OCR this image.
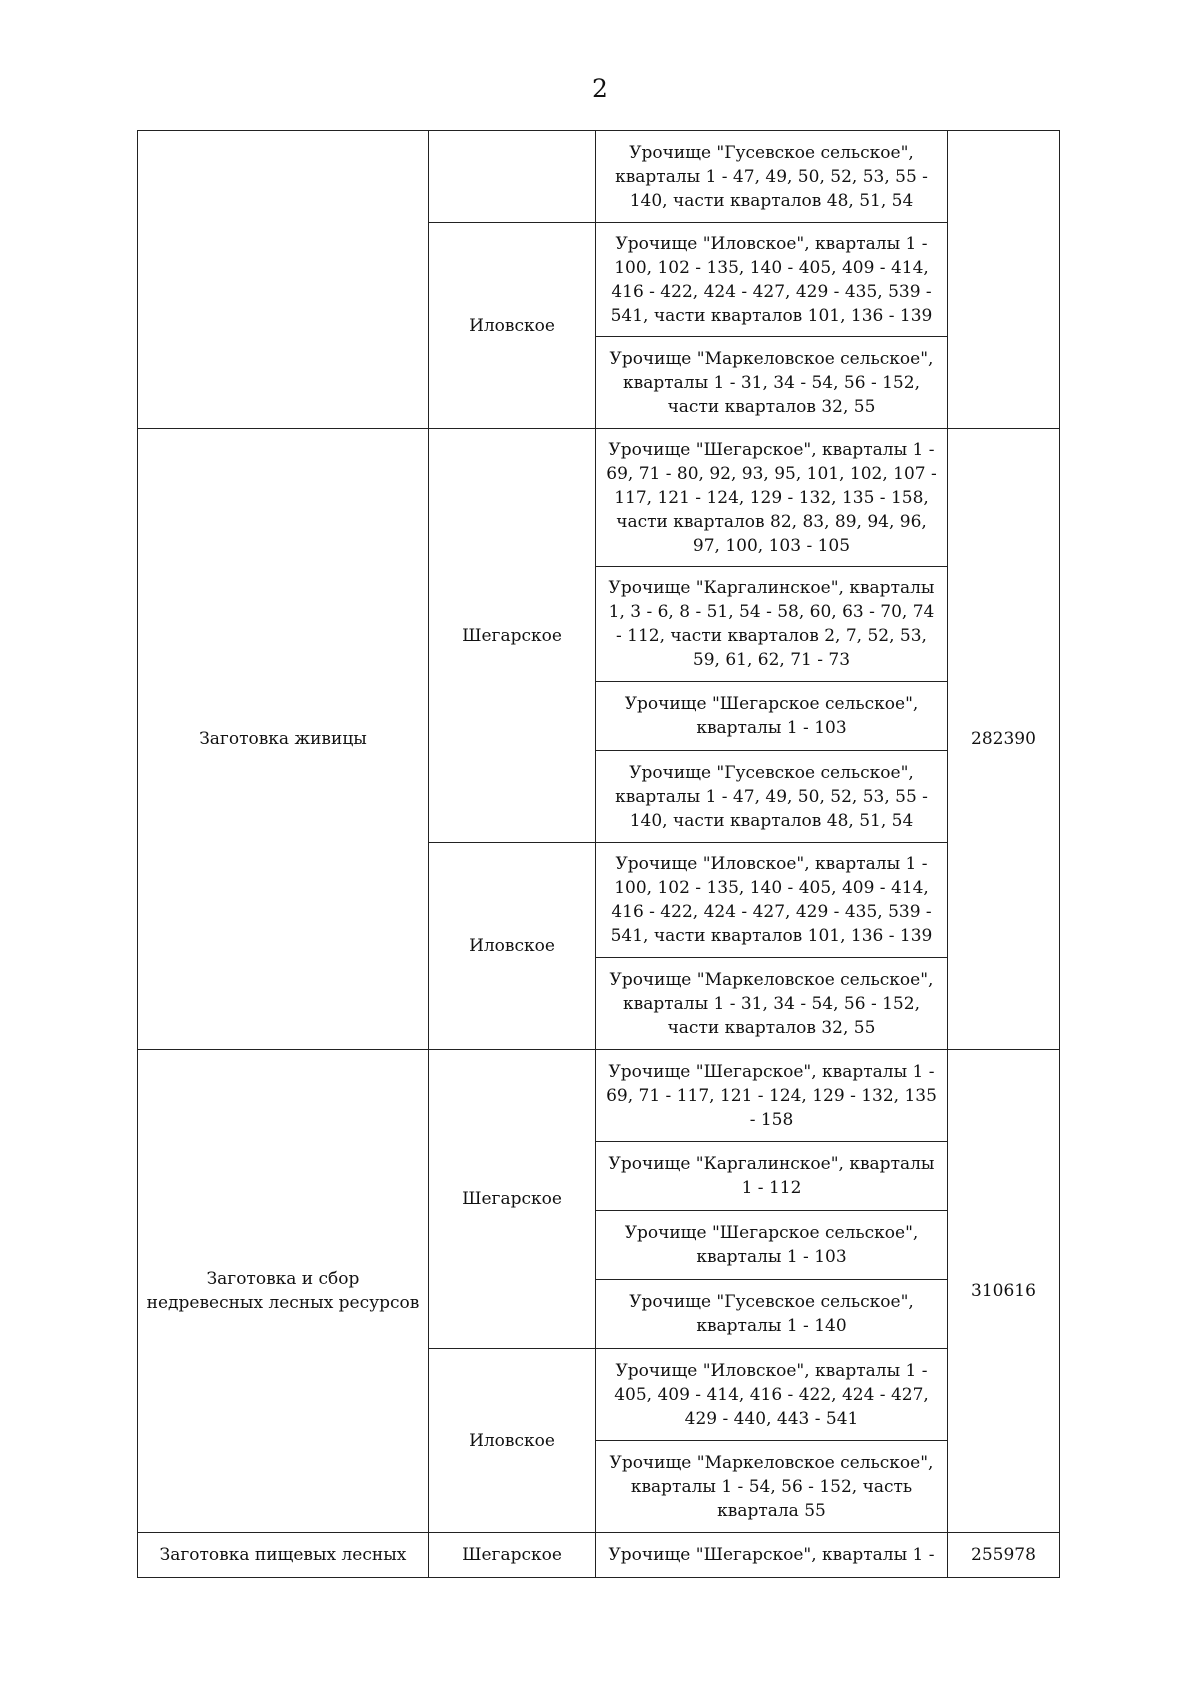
2
		Урочище "Гусевское сельское", кварталы 1 - 47, 49, 50, 52, 53, 55 - 140, части кварталов 48, 51, 54	
	Иловское	Урочище "Иловское", кварталы 1 - 100, 102 - 135, 140 - 405, 409 - 414, 416 - 422, 424 - 427, 429 - 435, 539 - 541, части кварталов 101, 136 - 139	
		Урочище "Маркеловское сельское", кварталы 1 - 31, 34 - 54, 56 - 152, части кварталов 32, 55	
Заготовка живицы	Шегарское	Урочище "Шегарское", кварталы 1 - 69, 71 - 80, 92, 93, 95, 101, 102, 107 - 117, 121 - 124, 129 - 132, 135 - 158, части кварталов 82, 83, 89, 94, 96, 97, 100, 103 - 105	282390
		Урочище "Каргалинское", кварталы 1, 3 - 6, 8 - 51, 54 - 58, 60, 63 - 70, 74 - 112, части кварталов 2, 7, 52, 53, 59, 61, 62, 71 - 73	
		Урочище "Шегарское сельское", кварталы 1 - 103	
		Урочище "Гусевское сельское", кварталы 1 - 47, 49, 50, 52, 53, 55 - 140, части кварталов 48, 51, 54	
	Иловское	Урочище "Иловское", кварталы 1 - 100, 102 - 135, 140 - 405, 409 - 414, 416 - 422, 424 - 427, 429 - 435, 539 - 541, части кварталов 101, 136 - 139	
		Урочище "Маркеловское сельское", кварталы 1 - 31, 34 - 54, 56 - 152, части кварталов 32, 55	
Заготовка и сбор недревесных лесных ресурсов	Шегарское	Урочище "Шегарское", кварталы 1 - 69, 71 - 117, 121 - 124, 129 - 132, 135 - 158	310616
		Урочище "Каргалинское", кварталы 1 - 112	
		Урочище "Шегарское сельское", кварталы 1 - 103	
		Урочище "Гусевское сельское", кварталы 1 - 140	
	Иловское	Урочище "Иловское", кварталы 1 - 405, 409 - 414, 416 - 422, 424 - 427, 429 - 440, 443 - 541	
		Урочище "Маркеловское сельское", кварталы 1 - 54, 56 - 152, часть квартала 55	
Заготовка пищевых лесных	Шегарское	Урочище "Шегарское", кварталы 1 -	255978
